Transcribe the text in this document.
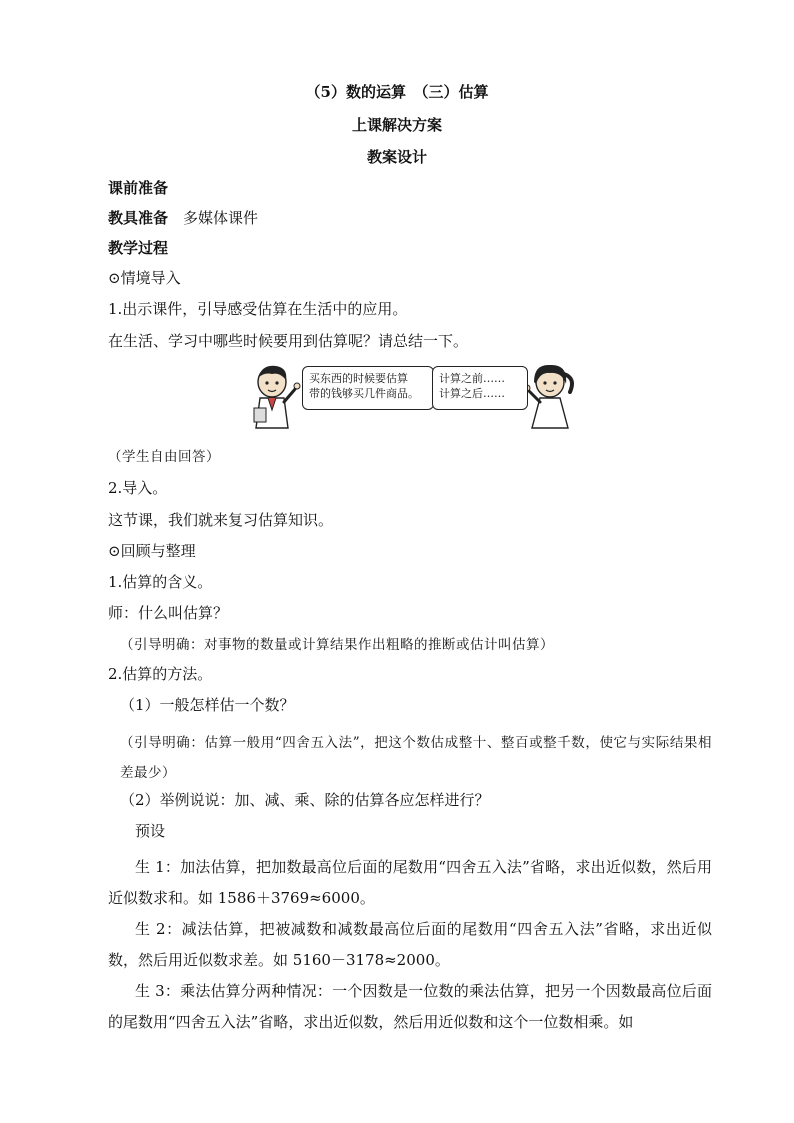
（5）数的运算　（三）估算
上课解决方案
教案设计
课前准备
教具准备 多媒体课件
教学过程
⊙情境导入
1.出示课件，引导感受估算在生活中的应用。
在生活、学习中哪些时候要用到估算呢？请总结一下。
买东西的时候要估算
带的钱够买几件商品。
计算之前……
计算之后……
（学生自由回答）
2.导入。
这节课，我们就来复习估算知识。
⊙回顾与整理
1.估算的含义。
师：什么叫估算？
（引导明确：对事物的数量或计算结果作出粗略的推断或估计叫估算）
2.估算的方法。
（1）一般怎样估一个数？
（引导明确：估算一般用“四舍五入法”，把这个数估成整十、整百或整千数，使它与实际结果相差最少）
（2）举例说说：加、减、乘、除的估算各应怎样进行？
预设
生 1：加法估算，把加数最高位后面的尾数用“四舍五入法”省略，求出近似数，然后用近似数求和。如 1586＋3769≈6000。
生 2：减法估算，把被减数和减数最高位后面的尾数用“四舍五入法”省略，求出近似数，然后用近似数求差。如 5160－3178≈2000。
生 3：乘法估算分两种情况：一个因数是一位数的乘法估算，把另一个因数最高位后面的尾数用“四舍五入法”省略，求出近似数，然后用近似数和这个一位数相乘。如
